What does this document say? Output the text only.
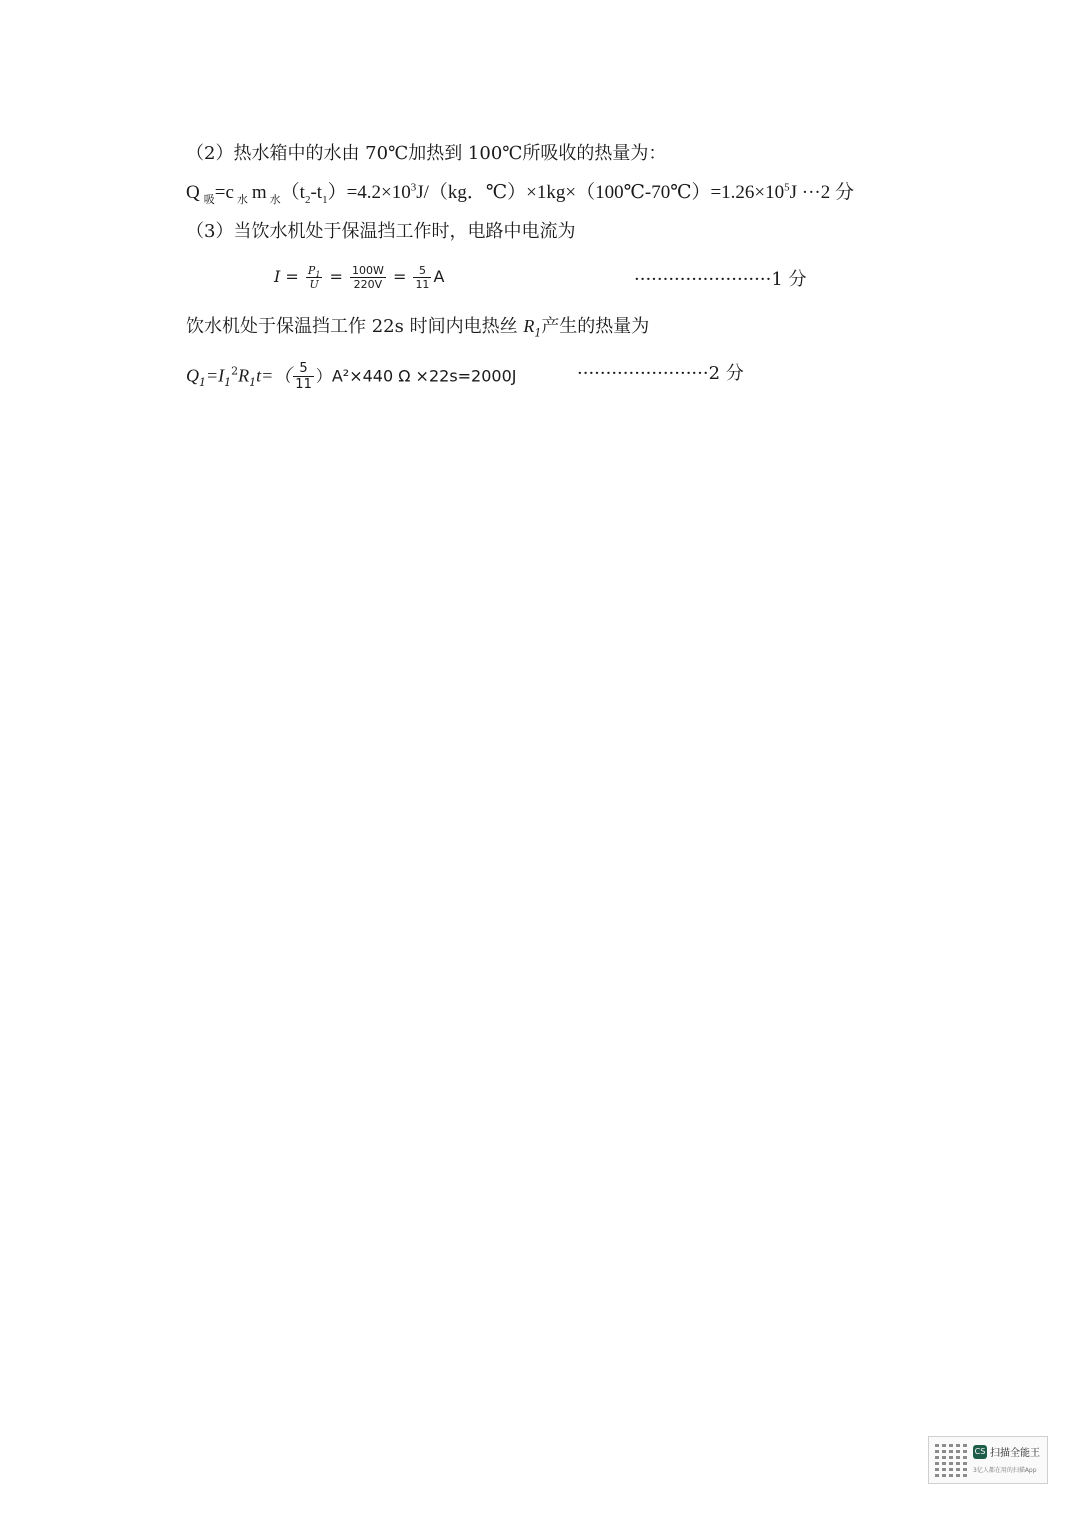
（2）热水箱中的水由 70℃加热到 100℃所吸收的热量为：
Q $_吸$=c $_水$ m $_水(t_2-t_1)=4.2\times 10^3J/(kg$．$℃)\times 1kg\times(100℃-70℃)=1.26\times 10^5J \cdot\cdot\cdot 2$ 分
（3）当饮水机处于保温挡工作时，电路中电流为
$I = \frac{P_1}{U} = \frac{100W}{220V} = \frac{5}{11}$ A	························1 分
饮水机处于保温挡工作 22s 时间内电热丝 $R_1$产生的热量为
$Q_1=I_1^2R_1t=( \frac{5}{11} )A^2\times 440$ Ω ×22s=2000J	·······················2 分
CS 扫描全能王
3亿人都在用的扫描App
